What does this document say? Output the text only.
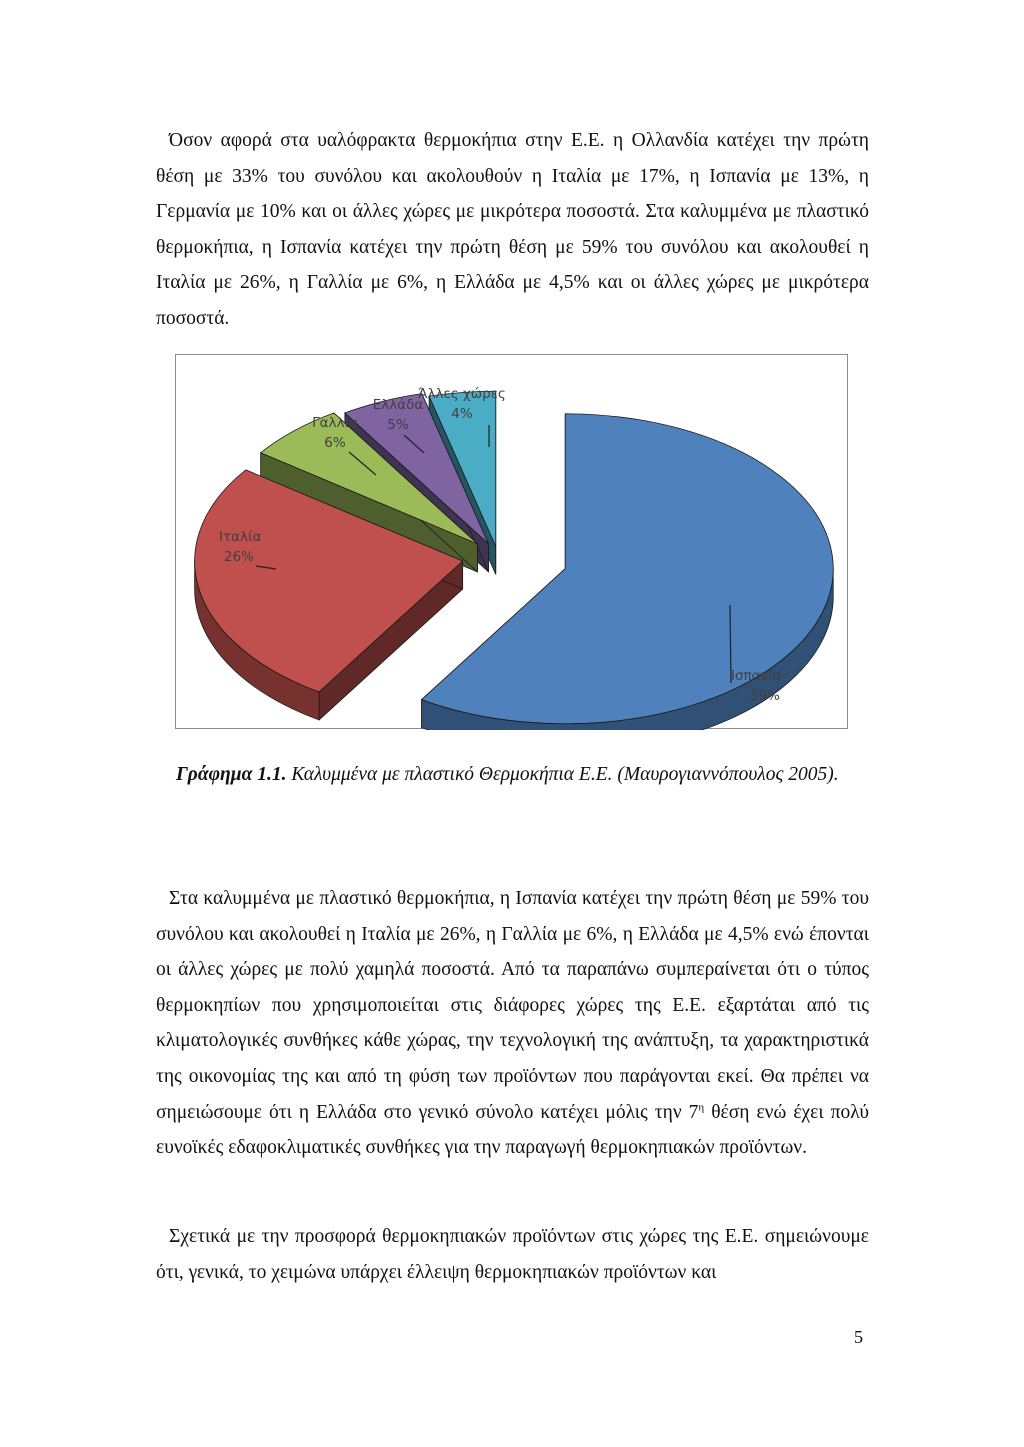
Όσον αφορά στα υαλόφρακτα θερμοκήπια στην Ε.Ε. η Ολλανδία κατέχει την πρώτη θέση με 33% του συνόλου και ακολουθούν η Ιταλία με 17%, η Ισπανία με 13%, η Γερμανία με 10% και οι άλλες χώρες με μικρότερα ποσοστά. Στα καλυμμένα με πλαστικό θερμοκήπια, η Ισπανία κατέχει την πρώτη θέση με 59% του συνόλου και ακολουθεί η Ιταλία με 26%, η Γαλλία με 6%, η Ελλάδα με 4,5% και οι άλλες χώρες με μικρότερα ποσοστά.

Ισπανία
59%
Ιταλία
26%
Γαλλία
6%
Ελλάδα
5%
Άλλες χώρες
4%

Γράφημα 1.1. Καλυμμένα με πλαστικό Θερμοκήπια Ε.Ε. (Μαυρογιαννόπουλος 2005).

Στα καλυμμένα με πλαστικό θερμοκήπια, η Ισπανία κατέχει την πρώτη θέση με 59% του συνόλου και ακολουθεί η Ιταλία με 26%, η Γαλλία με 6%, η Ελλάδα με 4,5% ενώ έπονται οι άλλες χώρες με πολύ χαμηλά ποσοστά. Από τα παραπάνω συμπεραίνεται ότι ο τύπος θερμοκηπίων που χρησιμοποιείται στις διάφορες χώρες της Ε.Ε. εξαρτάται από τις κλιματολογικές συνθήκες κάθε χώρας, την τεχνολογική της ανάπτυξη, τα χαρακτηριστικά της οικονομίας της και από τη φύση των προϊόντων που παράγονται εκεί. Θα πρέπει να σημειώσουμε ότι η Ελλάδα στο γενικό σύνολο κατέχει μόλις την $7^\eta$ θέση ενώ έχει πολύ ευνοϊκές εδαφοκλιματικές συνθήκες για την παραγωγή θερμοκηπιακών προϊόντων.

Σχετικά με την προσφορά θερμοκηπιακών προϊόντων στις χώρες της Ε.Ε. σημειώνουμε ότι, γενικά, το χειμώνα υπάρχει έλλειψη θερμοκηπιακών προϊόντων και

5
